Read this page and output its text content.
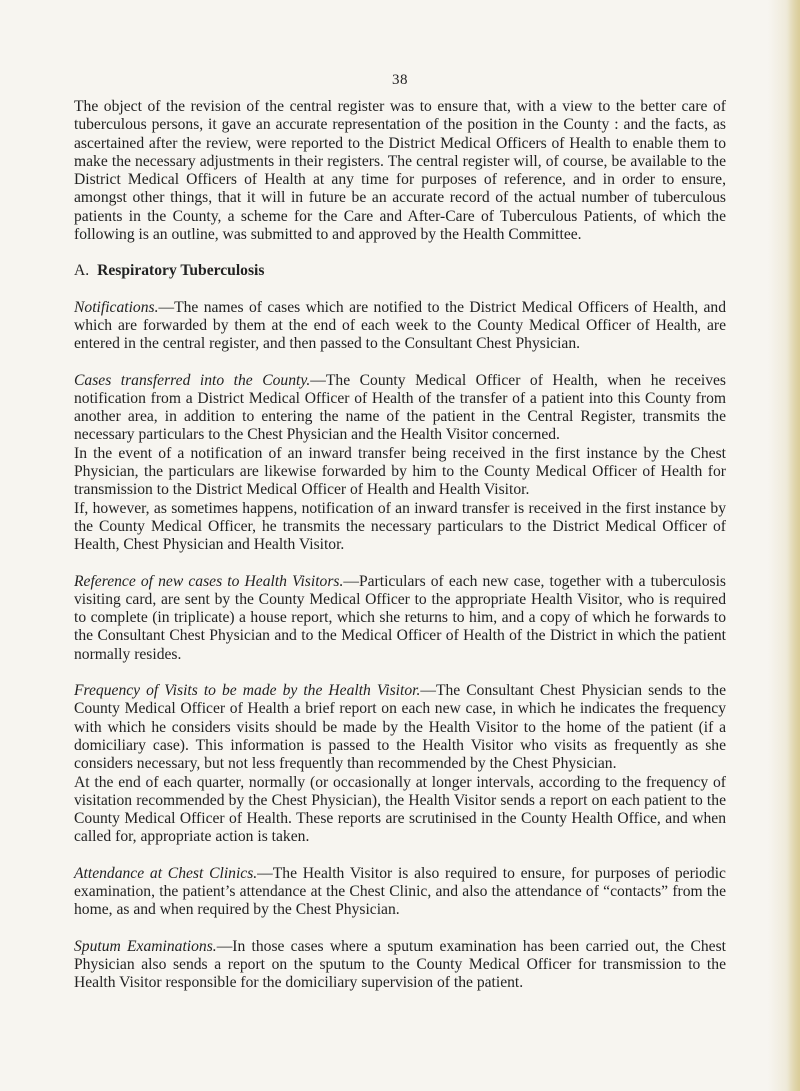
38

The object of the revision of the central register was to ensure that, with a view to the better care of tuberculous persons, it gave an accurate representation of the position in the County : and the facts, as ascertained after the review, were reported to the District Medical Officers of Health to enable them to make the necessary adjustments in their registers. The central register will, of course, be available to the District Medical Officers of Health at any time for purposes of reference, and in order to ensure, amongst other things, that it will in future be an accurate record of the actual number of tuberculous patients in the County, a scheme for the Care and After-Care of Tuberculous Patients, of which the following is an outline, was submitted to and approved by the Health Committee.

A. Respiratory Tuberculosis

Notifications.—The names of cases which are notified to the District Medical Officers of Health, and which are forwarded by them at the end of each week to the County Medical Officer of Health, are entered in the central register, and then passed to the Consultant Chest Physician.

Cases transferred into the County.—The County Medical Officer of Health, when he receives notification from a District Medical Officer of Health of the transfer of a patient into this County from another area, in addition to entering the name of the patient in the Central Register, transmits the necessary particulars to the Chest Physician and the Health Visitor concerned.

In the event of a notification of an inward transfer being received in the first instance by the Chest Physician, the particulars are likewise forwarded by him to the County Medical Officer of Health for transmission to the District Medical Officer of Health and Health Visitor.

If, however, as sometimes happens, notification of an inward transfer is received in the first instance by the County Medical Officer, he transmits the necessary particulars to the District Medical Officer of Health, Chest Physician and Health Visitor.

Reference of new cases to Health Visitors.—Particulars of each new case, together with a tuberculosis visiting card, are sent by the County Medical Officer to the appropriate Health Visitor, who is required to complete (in triplicate) a house report, which she returns to him, and a copy of which he forwards to the Consultant Chest Physician and to the Medical Officer of Health of the District in which the patient normally resides.

Frequency of Visits to be made by the Health Visitor.—The Consultant Chest Physician sends to the County Medical Officer of Health a brief report on each new case, in which he indicates the frequency with which he considers visits should be made by the Health Visitor to the home of the patient (if a domiciliary case). This information is passed to the Health Visitor who visits as frequently as she considers necessary, but not less frequently than recommended by the Chest Physician.

At the end of each quarter, normally (or occasionally at longer intervals, according to the frequency of visitation recommended by the Chest Physician), the Health Visitor sends a report on each patient to the County Medical Officer of Health. These reports are scrutinised in the County Health Office, and when called for, appropriate action is taken.

Attendance at Chest Clinics.—The Health Visitor is also required to ensure, for purposes of periodic examination, the patient’s attendance at the Chest Clinic, and also the attendance of “contacts” from the home, as and when required by the Chest Physician.

Sputum Examinations.—In those cases where a sputum examination has been carried out, the Chest Physician also sends a report on the sputum to the County Medical Officer for transmission to the Health Visitor responsible for the domiciliary supervision of the patient.
